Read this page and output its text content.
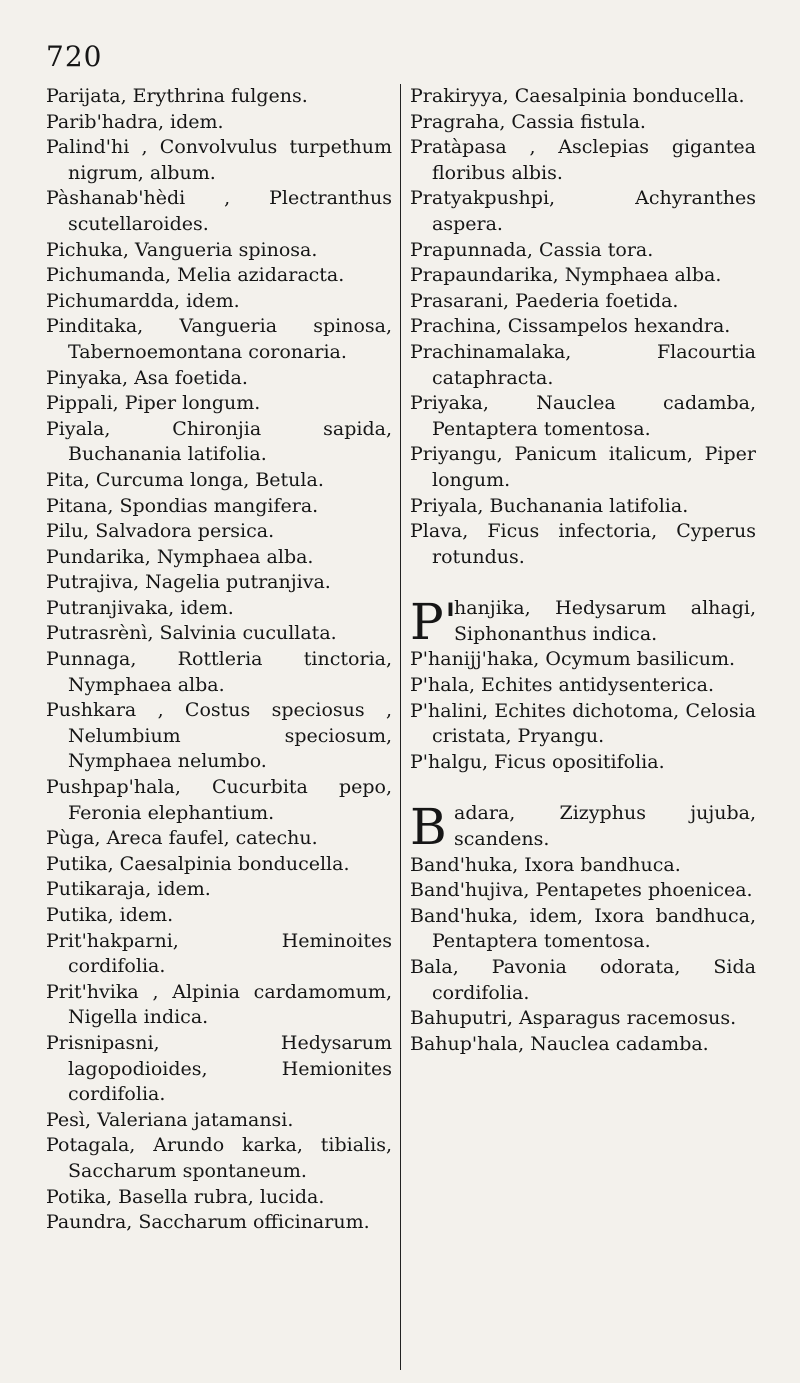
720
Parijata, Erythrina fulgens.
Parib'hadra, idem.
Palind'hi , Convolvulus turpethum nigrum, album.
Pàshanab'hèdi , Plectranthus scutellaroides.
Pichuka, Vangueria spinosa.
Pichumanda, Melia azidaracta.
Pichumardda, idem.
Pinditaka, Vangueria spinosa, Tabernoemontana coronaria.
Pinyaka, Asa foetida.
Pippali, Piper longum.
Piyala, Chironjia sapida, Buchanania latifolia.
Pita, Curcuma longa, Betula.
Pitana, Spondias mangifera.
Pilu, Salvadora persica.
Pundarika, Nymphaea alba.
Putrajiva, Nagelia putranjiva.
Putranjivaka, idem.
Putrasrènì, Salvinia cucullata.
Punnaga, Rottleria tinctoria, Nymphaea alba.
Pushkara , Costus speciosus , Nelumbium speciosum, Nymphaea nelumbo.
Pushpap'hala, Cucurbita pepo, Feronia elephantium.
Pùga, Areca faufel, catechu.
Putika, Caesalpinia bonducella.
Putikaraja, idem.
Putika, idem.
Prit'hakparni, Heminoites cordifolia.
Prit'hvika , Alpinia cardamomum, Nigella indica.
Prisnipasni, Hedysarum lagopodioides, Hemionites cordifolia.
Pesì, Valeriana jatamansi.
Potagala, Arundo karka, tibialis, Saccharum spontaneum.
Potika, Basella rubra, lucida.
Paundra, Saccharum officinarum.
Prakiryya, Caesalpinia bonducella.
Pragraha, Cassia fistula.
Pratàpasa , Asclepias gigantea floribus albis.
Pratyakpushpi, Achyranthes aspera.
Prapunnada, Cassia tora.
Prapaundarika, Nymphaea alba.
Prasarani, Paederia foetida.
Prachina, Cissampelos hexandra.
Prachinamalaka, Flacourtia cataphracta.
Priyaka, Nauclea cadamba, Pentaptera tomentosa.
Priyangu, Panicum italicum, Piper longum.
Priyala, Buchanania latifolia.
Plava, Ficus infectoria, Cyperus rotundus.
P'
hanjika, Hedysarum alhagi, Siphonanthus indica.
P'hanijj'haka, Ocymum basilicum.
P'hala, Echites antidysenterica.
P'halini, Echites dichotoma, Celosia cristata, Pryangu.
P'halgu, Ficus opositifolia.
B adara, Zizyphus jujuba, scandens.
Band'huka, Ixora bandhuca.
Band'hujiva, Pentapetes phoenicea.
Band'huka, idem, Ixora bandhuca, Pentaptera tomentosa.
Bala, Pavonia odorata, Sida cordifolia.
Bahuputri, Asparagus racemosus.
Bahup'hala, Nauclea cadamba.
